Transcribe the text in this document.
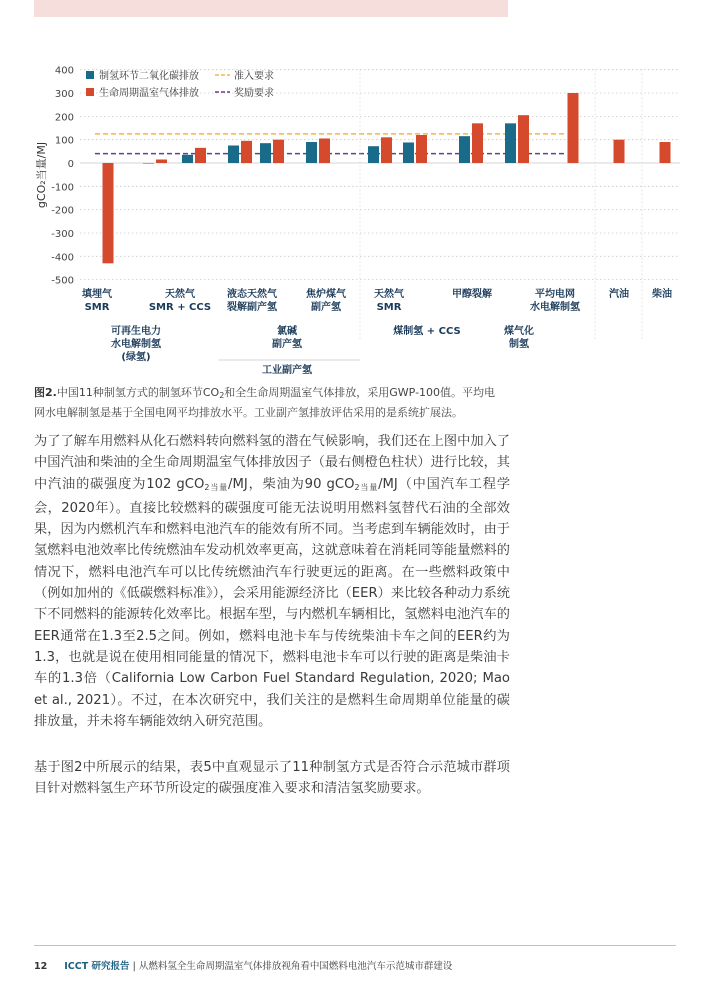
400
300
200
100
0
-100
-200
-300
-400
-500
gCO₂当量/MJ
制氢环节二氧化碳排放
生命周期温室气体排放
准入要求
奖励要求
填埋气 SMR
可再生电力水电解制氢(绿氢)
天然气 SMR + CCS
液态天然气裂解副产氢
氯碱副产氢
焦炉煤气副产氢
工业副产氢
天然气 SMR
煤制氢 + CCS
甲醇裂解
煤气化制氢
平均电网水电解制氢
汽油 柴油
图2.中国11种制氢方式的制氢环节$CO_2$和全生命周期温室气体排放，采用GWP-100值。平均电网水电解制氢是基于全国电网平均排放水平。工业副产氢排放评估采用的是系统扩展法。

为了了解车用燃料从化石燃料转向燃料氢的潜在气候影响，我们还在上图中加入了中国汽油和柴油的全生命周期温室气体排放因子（最右侧橙色柱状）进行比较，其中汽油的碳强度为102 gCO$_{2当量}$/MJ，柴油为90 gCO$_{2当量}$/MJ（中国汽车工程学会，2020年）。直接比较燃料的碳强度可能无法说明用燃料氢替代石油的全部效果，因为内燃机汽车和燃料电池汽车的能效有所不同。当考虑到车辆能效时，由于氢燃料电池效率比传统燃油车发动机效率更高，这就意味着在消耗同等能量燃料的情况下，燃料电池汽车可以比传统燃油汽车行驶更远的距离。在一些燃料政策中（例如加州的《低碳燃料标准》），会采用能源经济比（EER）来比较各种动力系统下不同燃料的能源转化效率比。根据车型，与内燃机车辆相比，氢燃料电池汽车的EER通常在1.3至2.5之间。例如，燃料电池卡车与传统柴油卡车之间的EER约为1.3，也就是说在使用相同能量的情况下，燃料电池卡车可以行驶的距离是柴油卡车的1.3倍（California Low Carbon Fuel Standard Regulation, 2020; Mao et al., 2021）。不过，在本次研究中，我们关注的是燃料生命周期单位能量的碳排放量，并未将车辆能效纳入研究范围。

基于图2中所展示的结果，表5中直观显示了11种制氢方式是否符合示范城市群项目针对燃料氢生产环节所设定的碳强度准入要求和清洁氢奖励要求。

12 ICCT 研究报告 | 从燃料氢全生命周期温室气体排放视角看中国燃料电池汽车示范城市群建设
